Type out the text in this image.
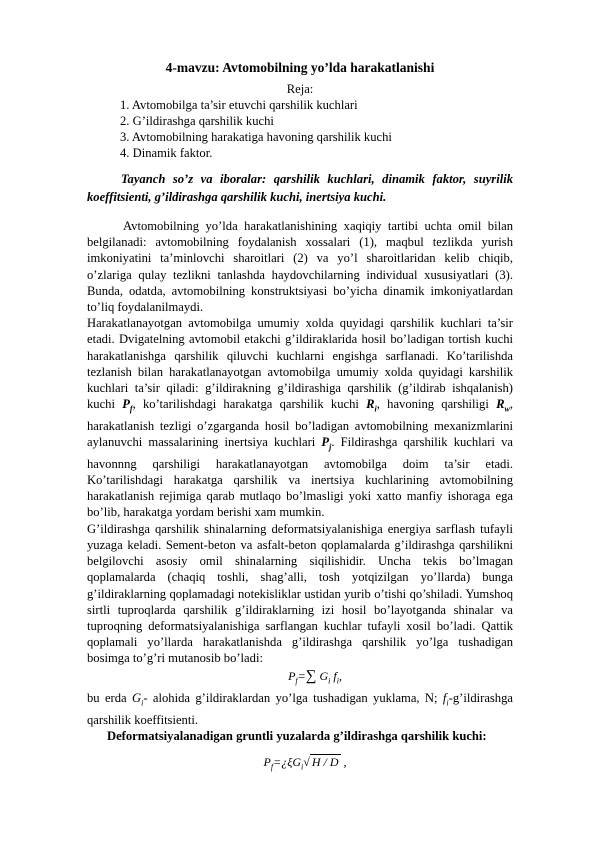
4-mavzu: Avtomobilning yo’lda harakatlanishi

Reja:

1. Avtomobilga ta’sir etuvchi qarshilik kuchlari
2. G’ildirashga qarshilik kuchi
3. Avtomobilning harakatiga havoning qarshilik kuchi
4. Dinamik faktor.

Tayanch so’z va iboralar: qarshilik kuchlari, dinamik faktor, suyrilik koeffitsienti, g’ildirashga qarshilik kuchi, inertsiya kuchi.

Avtomobilning yo’lda harakatlanishining xaqiqiy tartibi uchta omil bilan belgilanadi: avtomobilning foydalanish xossalari (1), maqbul tezlikda yurish imkoniyatini ta’minlovchi sharoitlari (2) va yo’l sharoitlaridan kelib chiqib, o’zlariga qulay tezlikni tanlashda haydovchilarning individual xususiyatlari (3). Bunda, odatda, avtomobilning konstruktsiyasi bo’yicha dinamik imkoniyatlardan to’liq foydalanilmaydi.

Harakatlanayotgan avtomobilga umumiy xolda quyidagi qarshilik kuchlari ta’sir etadi. Dvigatelning avtomobil etakchi g’ildiraklarida hosil bo’ladigan tortish kuchi harakatlanishga qarshilik qiluvchi kuchlarni engishga sarflanadi. Ko’tarilishda tezlanish bilan harakatlanayotgan avtomobilga umumiy xolda quyidagi karshilik kuchlari ta’sir qiladi: g’ildirakning g’ildirashiga qarshilik (g’ildirab ishqalanish) kuchi $P_f$, ko’tarilishdagi harakatga qarshilik kuchi $R_i$, havoning qarshiligi $R_w$, harakatlanish tezligi o’zgarganda hosil bo’ladigan avtomobilning mexanizmlarini aylanuvchi massalarining inertsiya kuchlari $P_j$. Fildirashga qarshilik kuchlari va havonnng qarshiligi harakatlanayotgan avtomobilga doim ta’sir etadi. Ko’tarilishdagi harakatga qarshilik va inertsiya kuchlarining avtomobilning harakatlanish rejimiga qarab mutlaqo bo’lmasligi yoki xatto manfiy ishoraga ega bo’lib, harakatga yordam berishi xam mumkin.

G’ildirashga qarshilik shinalarning deformatsiyalanishiga energiya sarflash tufayli yuzaga keladi. Sement-beton va asfalt-beton qoplamalarda g’ildirashga qarshilikni belgilovchi asosiy omil shinalarning siqilishidir. Uncha tekis bo’lmagan qoplamalarda (chaqiq toshli, shag’alli, tosh yotqizilgan yo’llarda) bunga g’ildiraklarning qoplamadagi notekisliklar ustidan yurib o’tishi qo’shiladi. Yumshoq sirtli tuproqlarda qarshilik g’ildiraklarning izi hosil bo’layotganda shinalar va tuproqning deformatsiyalanishiga sarflangan kuchlar tufayli xosil bo’ladi. Qattik qoplamali yo’llarda harakatlanishda g’ildirashga qarshilik yo’lga tushadigan bosimga to’g’ri mutanosib bo’ladi:

$P_f=\sum$ $G_i$ $f_i$,

bu erda $G_i-$ alohida g’ildiraklardan yo’lga tushadigan yuklama, N; $f_i-g’ildirashga$ qarshilik koeffitsienti.

Deformatsiyalanadigan gruntli yuzalarda g’ildirashga qarshilik kuchi:

$P_f=¿\xi G_i√$ H / D ,
